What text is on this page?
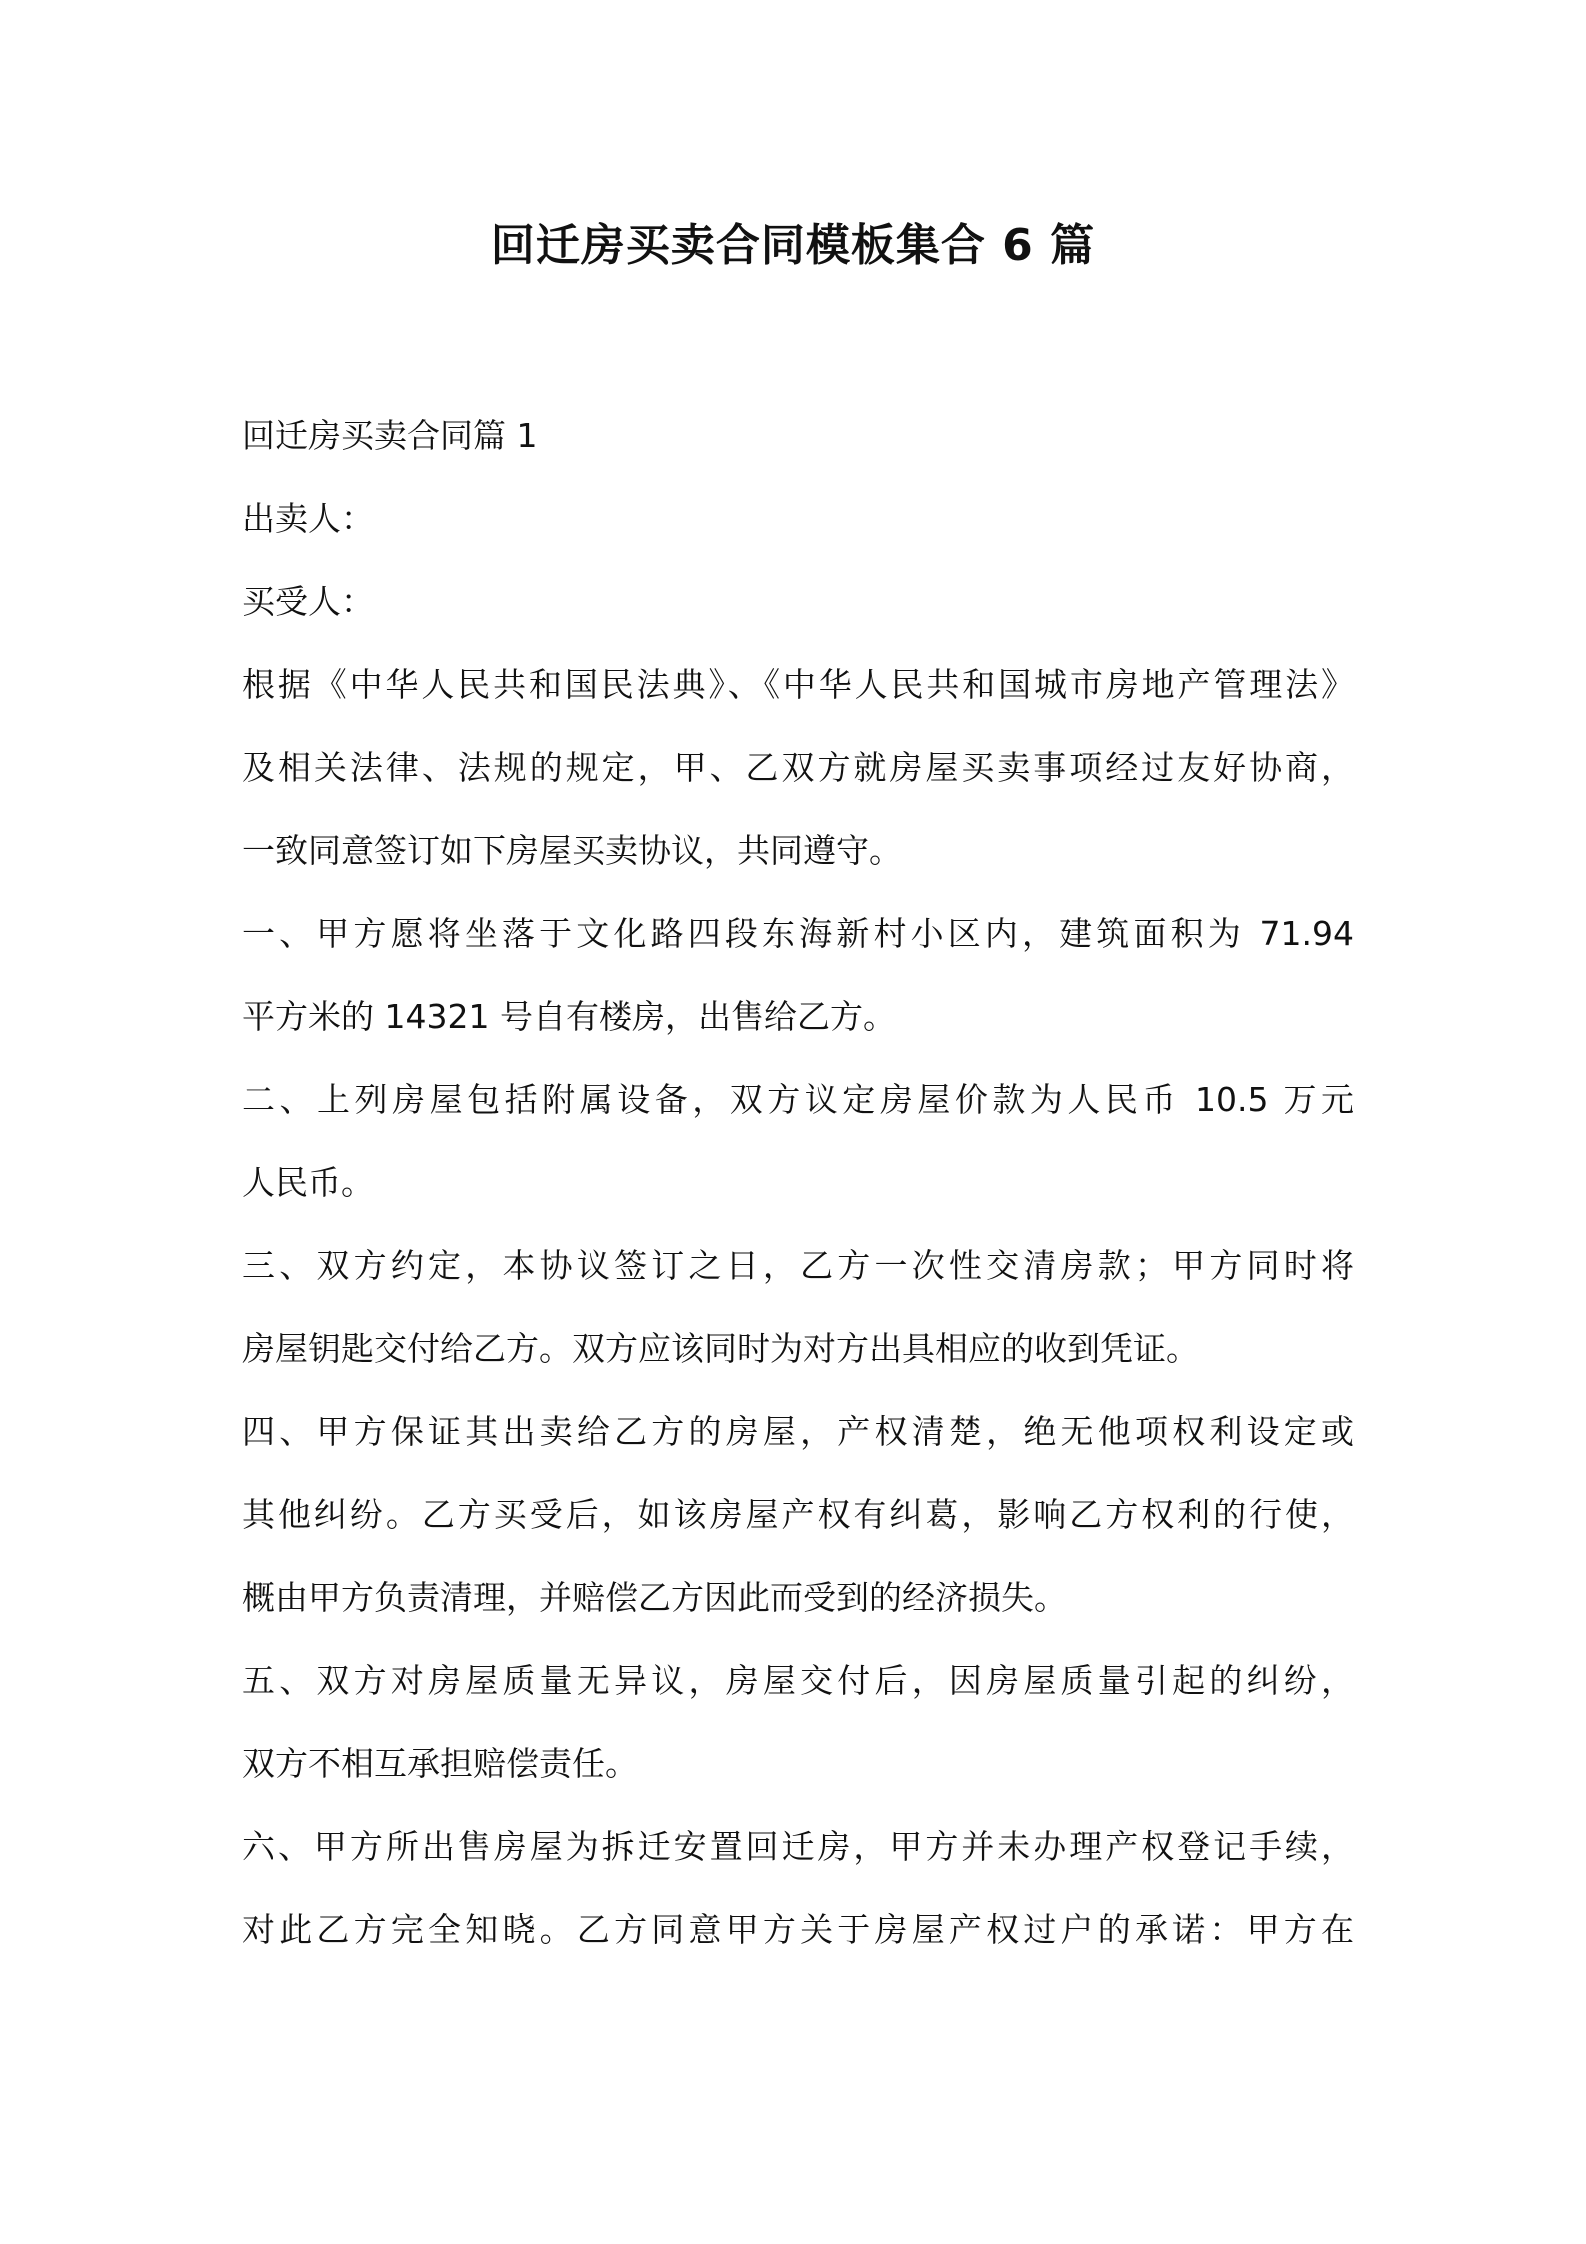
回迁房买卖合同模板集合 6 篇
回迁房买卖合同篇 1
出卖人：
买受人：
根据《中华人民共和国民法典》、《中华人民共和国城市房地产管理法》
及相关法律、法规的规定，甲、乙双方就房屋买卖事项经过友好协商，
一致同意签订如下房屋买卖协议，共同遵守。
一、甲方愿将坐落于文化路四段东海新村小区内，建筑面积为 71.94
平方米的 14321 号自有楼房，出售给乙方。
二、上列房屋包括附属设备，双方议定房屋价款为人民币 10.5 万元
人民币。
三、双方约定，本协议签订之日，乙方一次性交清房款；甲方同时将
房屋钥匙交付给乙方。双方应该同时为对方出具相应的收到凭证。
四、甲方保证其出卖给乙方的房屋，产权清楚，绝无他项权利设定或
其他纠纷。乙方买受后，如该房屋产权有纠葛，影响乙方权利的行使，
概由甲方负责清理，并赔偿乙方因此而受到的经济损失。
五、双方对房屋质量无异议，房屋交付后，因房屋质量引起的纠纷，
双方不相互承担赔偿责任。
六、甲方所出售房屋为拆迁安置回迁房，甲方并未办理产权登记手续，
对此乙方完全知晓。乙方同意甲方关于房屋产权过户的承诺：甲方在
